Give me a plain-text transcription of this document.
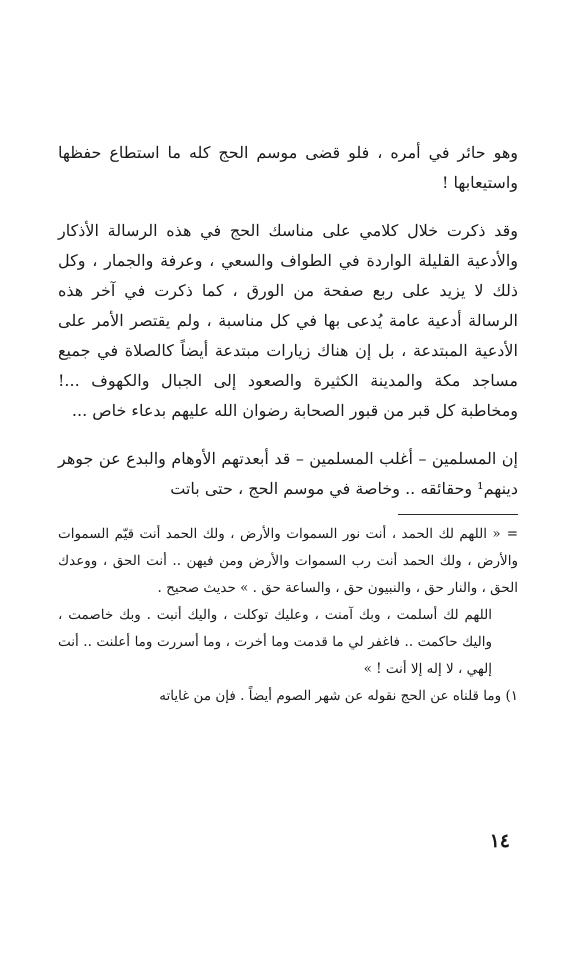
وهو حائر في أمره ، فلو قضى موسم الحج كله ما استطاع حفظها واستيعابها !

وقد ذكرت خلال كلامي على مناسك الحج في هذه الرسالة الأذكار والأدعية القليلة الواردة في الطواف والسعي ، وعرفة والجمار ، وكل ذلك لا يزيد على ربع صفحة من الورق ، كما ذكرت في آخر هذه الرسالة أدعية عامة يُدعى بها في كل مناسبة ، ولم يقتصر الأمر على الأدعية المبتدعة ، بل إن هناك زيارات مبتدعة أيضاً كالصلاة في جميع مساجد مكة والمدينة الكثيرة والصعود إلى الجبال والكهوف ...! ومخاطبة كل قبر من قبور الصحابة رضوان الله عليهم بدعاء خاص ...

إن المسلمين – أغلب المسلمين – قد أبعدتهم الأوهام والبدع عن جوهر دينهم¹ وحقائقه .. وخاصة في موسم الحج ، حتى باتت

=« اللهم لك الحمد ، أنت نور السموات والأرض ، ولك الحمد أنت قيّم السموات والأرض ، ولك الحمد أنت رب السموات والأرض ومن فيهن .. أنت الحق ، ووعدك الحق ، والنار حق ، والنبيون حق ، والساعة حق . » حديث صحيح .

اللهم لك أسلمت ، وبك آمنت ، وعليك توكلت ، واليك أنبت . وبك خاصمت ، واليك حاكمت .. فاغفر لي ما قدمت وما أخرت ، وما أسررت وما أعلنت .. أنت إلهي ، لا إله إلا أنت ! »

١) وما قلناه عن الحج نقوله عن شهر الصوم أيضاً . فإن من غاياته

١٤
